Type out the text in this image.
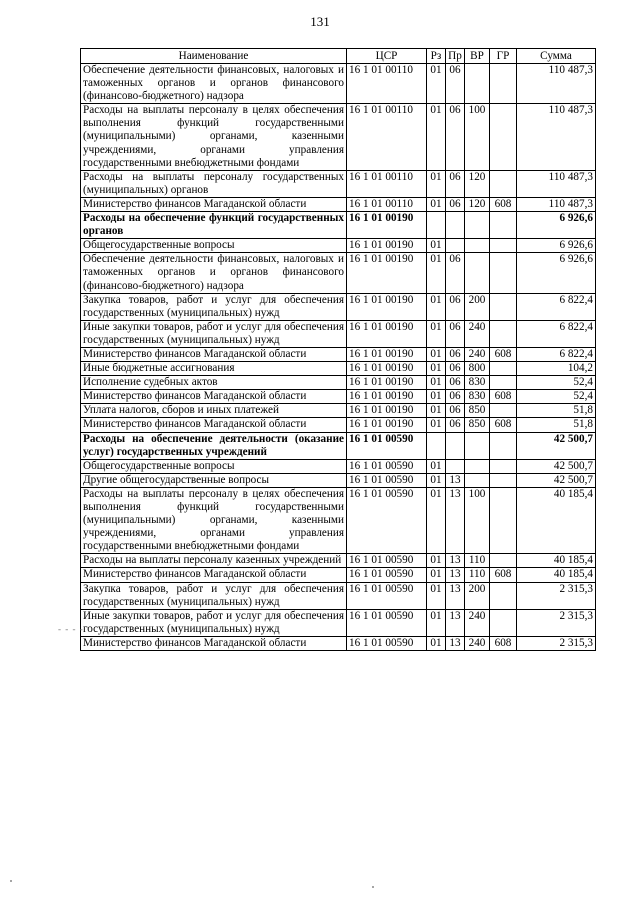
131
Наименование	ЦСР	Рз	Пр	ВР	ГР	Сумма
Обеспечение деятельности финансовых, налоговых и таможенных органов и органов финансового (финансово-бюджетного) надзора	16 1 01 00110	01	06			110 487,3
Расходы на выплаты персоналу в целях обеспечения выполнения функций государственными (муниципальными) органами, казенными учреждениями, органами управления государственными внебюджетными фондами	16 1 01 00110	01	06	100		110 487,3
Расходы на выплаты персоналу государственных (муниципальных) органов	16 1 01 00110	01	06	120		110 487,3
Министерство финансов Магаданской области	16 1 01 00110	01	06	120	608	110 487,3
Расходы на обеспечение функций государственных органов	16 1 01 00190					6 926,6
Общегосударственные вопросы	16 1 01 00190	01				6 926,6
Обеспечение деятельности финансовых, налоговых и таможенных органов и органов финансового (финансово-бюджетного) надзора	16 1 01 00190	01	06			6 926,6
Закупка товаров, работ и услуг для обеспечения государственных (муниципальных) нужд	16 1 01 00190	01	06	200		6 822,4
Иные закупки товаров, работ и услуг для обеспечения государственных (муниципальных) нужд	16 1 01 00190	01	06	240		6 822,4
Министерство финансов Магаданской области	16 1 01 00190	01	06	240	608	6 822,4
Иные бюджетные ассигнования	16 1 01 00190	01	06	800		104,2
Исполнение судебных актов	16 1 01 00190	01	06	830		52,4
Министерство финансов Магаданской области	16 1 01 00190	01	06	830	608	52,4
Уплата налогов, сборов и иных платежей	16 1 01 00190	01	06	850		51,8
Министерство финансов Магаданской области	16 1 01 00190	01	06	850	608	51,8
Расходы на обеспечение деятельности (оказание услуг) государственных учреждений	16 1 01 00590					42 500,7
Общегосударственные вопросы	16 1 01 00590	01				42 500,7
Другие общегосударственные вопросы	16 1 01 00590	01	13			42 500,7
Расходы на выплаты персоналу в целях обеспечения выполнения функций государственными (муниципальными) органами, казенными учреждениями, органами управления государственными внебюджетными фондами	16 1 01 00590	01	13	100		40 185,4
Расходы на выплаты персоналу казенных учреждений	16 1 01 00590	01	13	110		40 185,4
Министерство финансов Магаданской области	16 1 01 00590	01	13	110	608	40 185,4
Закупка товаров, работ и услуг для обеспечения государственных (муниципальных) нужд	16 1 01 00590	01	13	200		2 315,3
Иные закупки товаров, работ и услуг для обеспечения государственных (муниципальных) нужд	16 1 01 00590	01	13	240		2 315,3
Министерство финансов Магаданской области	16 1 01 00590	01	13	240	608	2 315,3
- - - -
